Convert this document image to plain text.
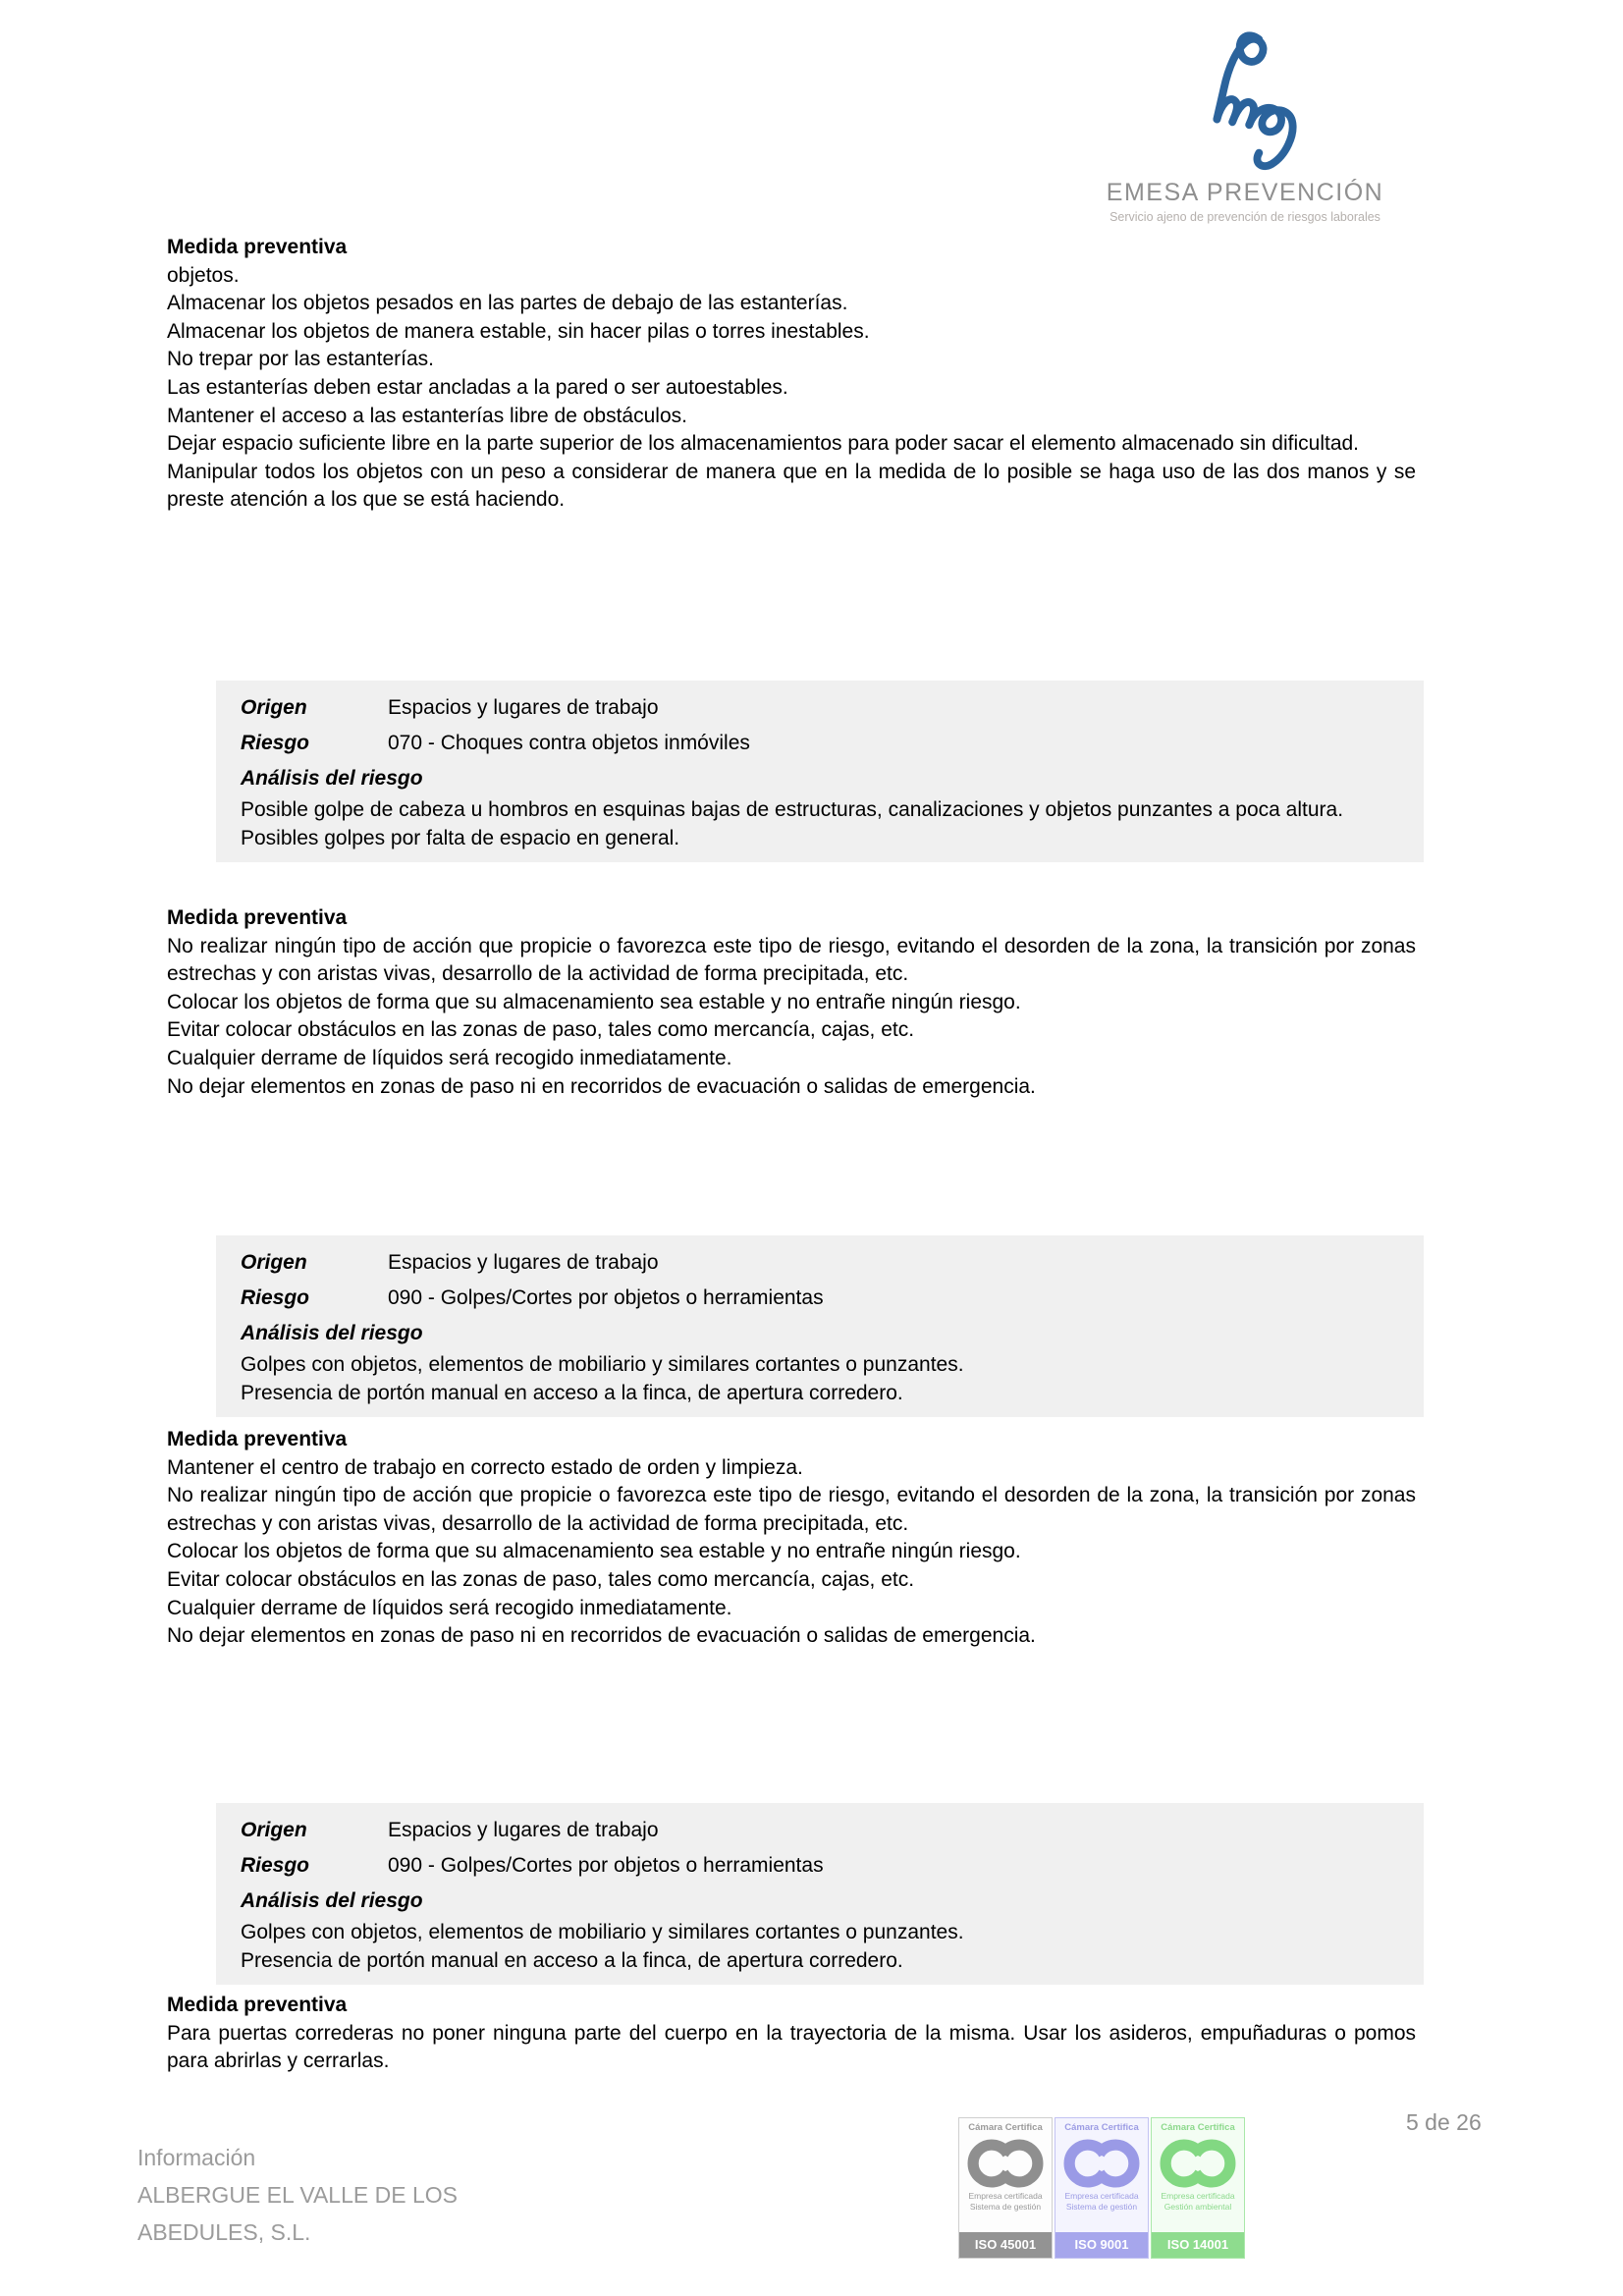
EMESA PREVENCIÓN
Servicio ajeno de prevención de riesgos laborales
Medida preventiva

objetos.

Almacenar los objetos pesados en las partes de debajo de las estanterías.

Almacenar los objetos de manera estable, sin hacer pilas o torres inestables.

No trepar por las estanterías.

Las estanterías deben estar ancladas a la pared o ser autoestables.

Mantener el acceso a las estanterías libre de obstáculos.

Dejar espacio suficiente libre en la parte superior de los almacenamientos para poder sacar el elemento almacenado sin dificultad.

Manipular todos los objetos con un peso a considerar de manera que en la medida de lo posible se haga uso de las dos manos y se preste atención a los que se está haciendo.

Origen	Espacios y lugares de trabajo
Riesgo	070 - Choques contra objetos inmóviles
Análisis del riesgo

Posible golpe de cabeza u hombros en esquinas bajas de estructuras, canalizaciones y objetos punzantes a poca altura.

Posibles golpes por falta de espacio en general.

Medida preventiva

No realizar ningún tipo de acción que propicie o favorezca este tipo de riesgo, evitando el desorden de la zona, la transición por zonas estrechas y con aristas vivas, desarrollo de la actividad de forma precipitada, etc.

Colocar los objetos de forma que su almacenamiento sea estable y no entrañe ningún riesgo.

Evitar colocar obstáculos en las zonas de paso, tales como mercancía, cajas, etc.

Cualquier derrame de líquidos será recogido inmediatamente.

No dejar elementos en zonas de paso ni en recorridos de evacuación o salidas de emergencia.

Origen	Espacios y lugares de trabajo
Riesgo	090 - Golpes/Cortes por objetos o herramientas
Análisis del riesgo

Golpes con objetos, elementos de mobiliario y similares cortantes o punzantes.

Presencia de portón manual en acceso a la finca, de apertura corredero.

Medida preventiva

Mantener el centro de trabajo en correcto estado de orden y limpieza.

No realizar ningún tipo de acción que propicie o favorezca este tipo de riesgo, evitando el desorden de la zona, la transición por zonas estrechas y con aristas vivas, desarrollo de la actividad de forma precipitada, etc.

Colocar los objetos de forma que su almacenamiento sea estable y no entrañe ningún riesgo.

Evitar colocar obstáculos en las zonas de paso, tales como mercancía, cajas, etc.

Cualquier derrame de líquidos será recogido inmediatamente.

No dejar elementos en zonas de paso ni en recorridos de evacuación o salidas de emergencia.

Origen	Espacios y lugares de trabajo
Riesgo	090 - Golpes/Cortes por objetos o herramientas
Análisis del riesgo

Golpes con objetos, elementos de mobiliario y similares cortantes o punzantes.

Presencia de portón manual en acceso a la finca, de apertura corredero.

Medida preventiva

Para puertas correderas no poner ninguna parte del cuerpo en la trayectoria de la misma. Usar los asideros, empuñaduras o pomos para abrirlas y cerrarlas.

Información
ALBERGUE EL VALLE DE LOS
ABEDULES, S.L.
Cámara Certifica
Empresa certificada
Sistema de gestión
ISO 45001
Cámara Certifica
Empresa certificada
Sistema de gestión
ISO 9001
Cámara Certifica
Empresa certificada
Gestión ambiental
ISO 14001
5 de 26
